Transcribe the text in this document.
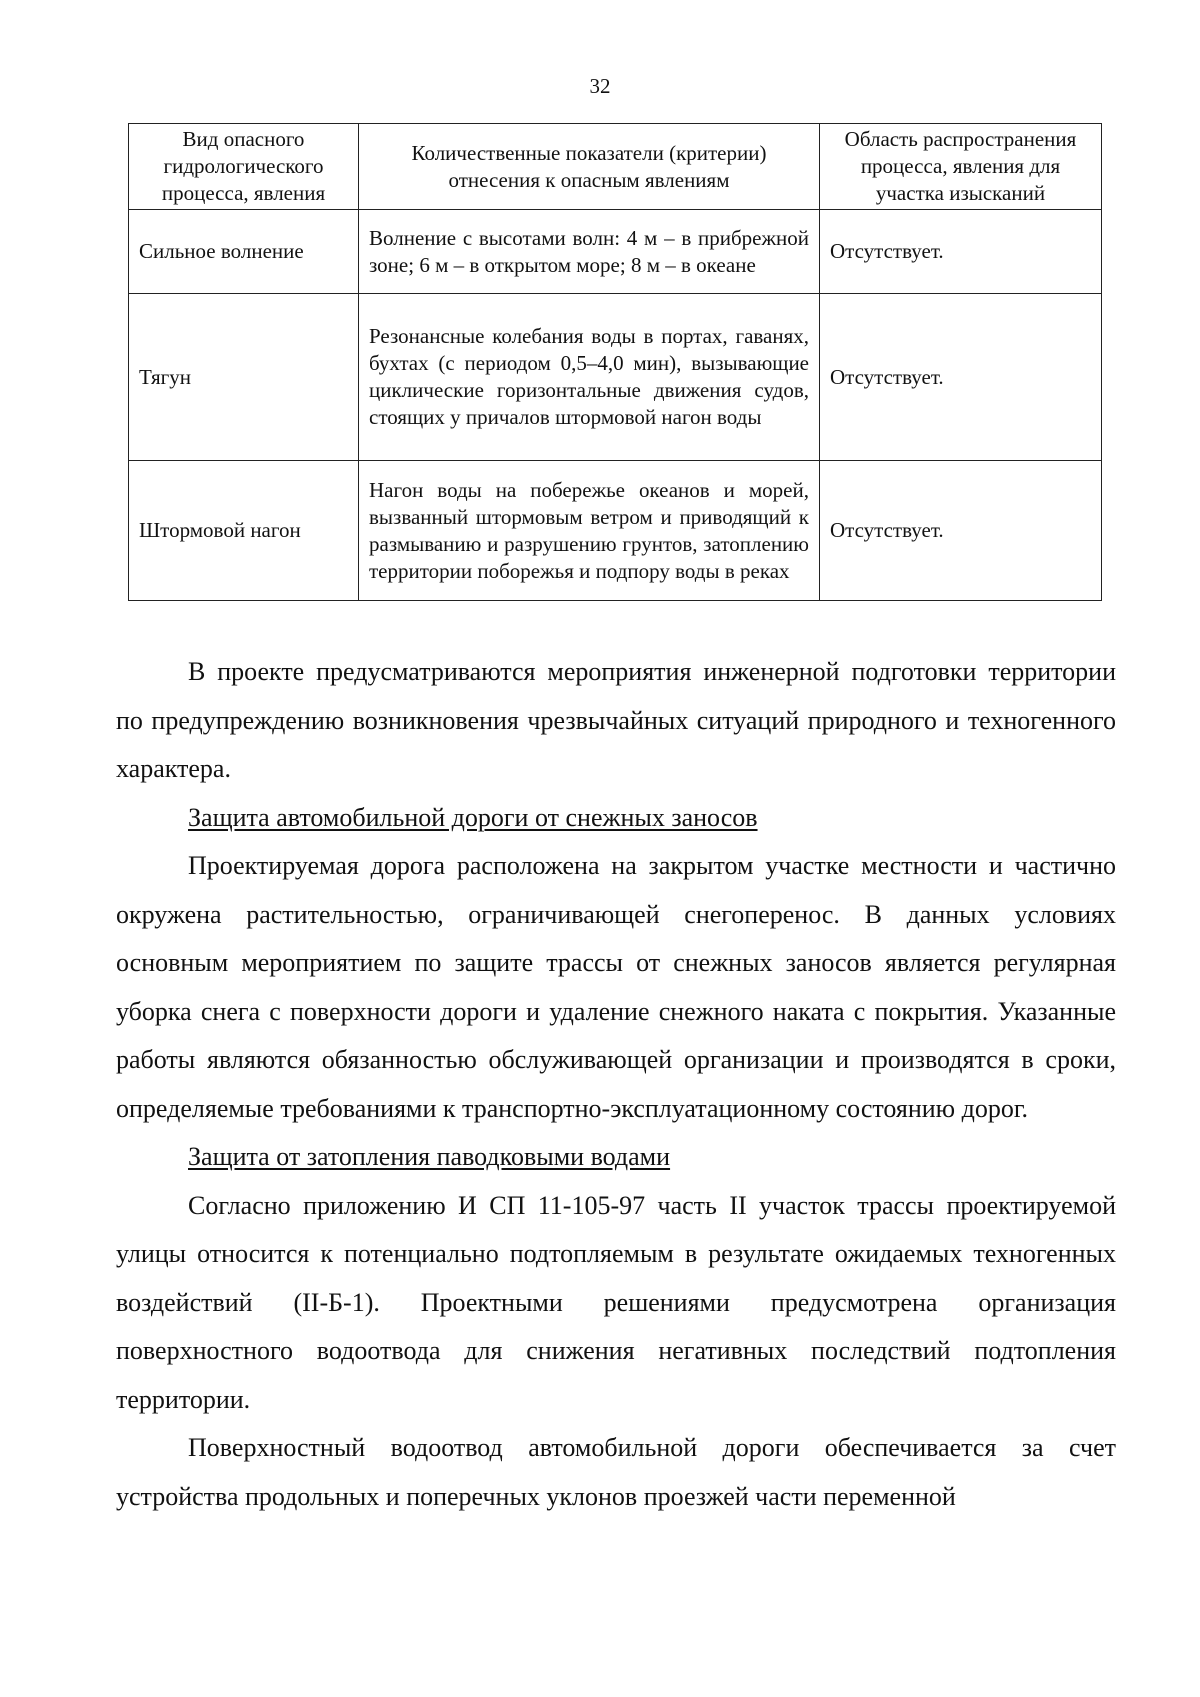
32
Вид опасного гидрологического процесса, явления	Количественные показатели (критерии) отнесения к опасным явлениям	Область распространения процесса, явления для участка изысканий
Сильное волнение	Волнение с высотами волн: 4 м – в прибрежной зоне; 6 м – в открытом море; 8 м – в океане	Отсутствует.
Тягун	Резонансные колебания воды в портах, гаванях, бухтах (с периодом 0,5–4,0 мин), вызывающие циклические горизонтальные движения судов, стоящих у причалов штормовой нагон воды	Отсутствует.
Штормовой нагон	Нагон воды на побережье океанов и морей, вызванный штормовым ветром и приводящий к размыванию и разрушению грунтов, затоплению территории поборежья и подпору воды в реках	Отсутствует.

В проекте предусматриваются мероприятия инженерной подготовки территории по предупреждению возникновения чрезвычайных ситуаций природного и техногенного характера.

Защита автомобильной дороги от снежных заносов

Проектируемая дорога расположена на закрытом участке местности и частично окружена растительностью, ограничивающей снегоперенос. В данных условиях основным мероприятием по защите трассы от снежных заносов является регулярная уборка снега с поверхности дороги и удаление снежного наката с покрытия. Указанные работы являются обязанностью обслуживающей организации и производятся в сроки, определяемые требованиями к транспортно-эксплуатационному состоянию дорог.

Защита от затопления паводковыми водами

Согласно приложению И СП 11-105-97 часть II участок трассы проектируемой улицы относится к потенциально подтопляемым в результате ожидаемых техногенных воздействий (II-Б-1). Проектными решениями предусмотрена организация поверхностного водоотвода для снижения негативных последствий подтопления территории.

Поверхностный водоотвод автомобильной дороги обеспечивается за счет устройства продольных и поперечных уклонов проезжей части переменной
